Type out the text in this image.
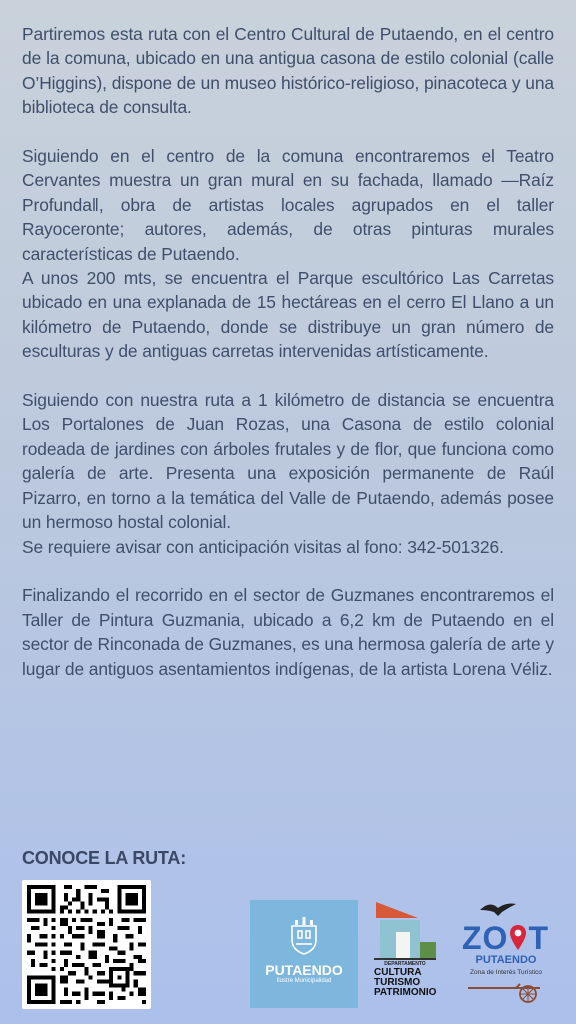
Partiremos esta ruta con el Centro Cultural de Putaendo, en el centro de la comuna, ubicado en una antigua casona de estilo colonial (calle O’Higgins), dispone de un museo histórico-religioso, pinacoteca y una biblioteca de consulta.

Siguiendo en el centro de la comuna encontraremos el Teatro Cervantes muestra un gran mural en su fachada, llamado ―Raíz Profunda‖, obra de artistas locales agrupados en el taller Rayoceronte; autores, además, de otras pinturas murales características de Putaendo.

A unos 200 mts, se encuentra el Parque escultórico Las Carretas ubicado en una explanada de 15 hectáreas en el cerro El Llano a un kilómetro de Putaendo, donde se distribuye un gran número de esculturas y de antiguas carretas intervenidas artísticamente.

Siguiendo con nuestra ruta a 1 kilómetro de distancia se encuentra Los Portalones de Juan Rozas, una Casona de estilo colonial rodeada de jardines con árboles frutales y de flor, que funciona como galería de arte. Presenta una exposición permanente de Raúl Pizarro, en torno a la temática del Valle de Putaendo, además posee un hermoso hostal colonial.

Se requiere avisar con anticipación visitas al fono: 342-501326.

Finalizando el recorrido en el sector de Guzmanes encontraremos el Taller de Pintura Guzmania, ubicado a 6,2 km de Putaendo en el sector de Rinconada de Guzmanes, es una hermosa galería de arte y lugar de antiguos asentamientos indígenas, de la artista Lorena Véliz.

CONOCE LA RUTA:
PUTAENDO
Ilustre Municipalidad
DEPARTAMENTO
CULTURA
TURISMO
PATRIMONIO
ZO T
PUTAENDO
Zona de Interés Turístico
